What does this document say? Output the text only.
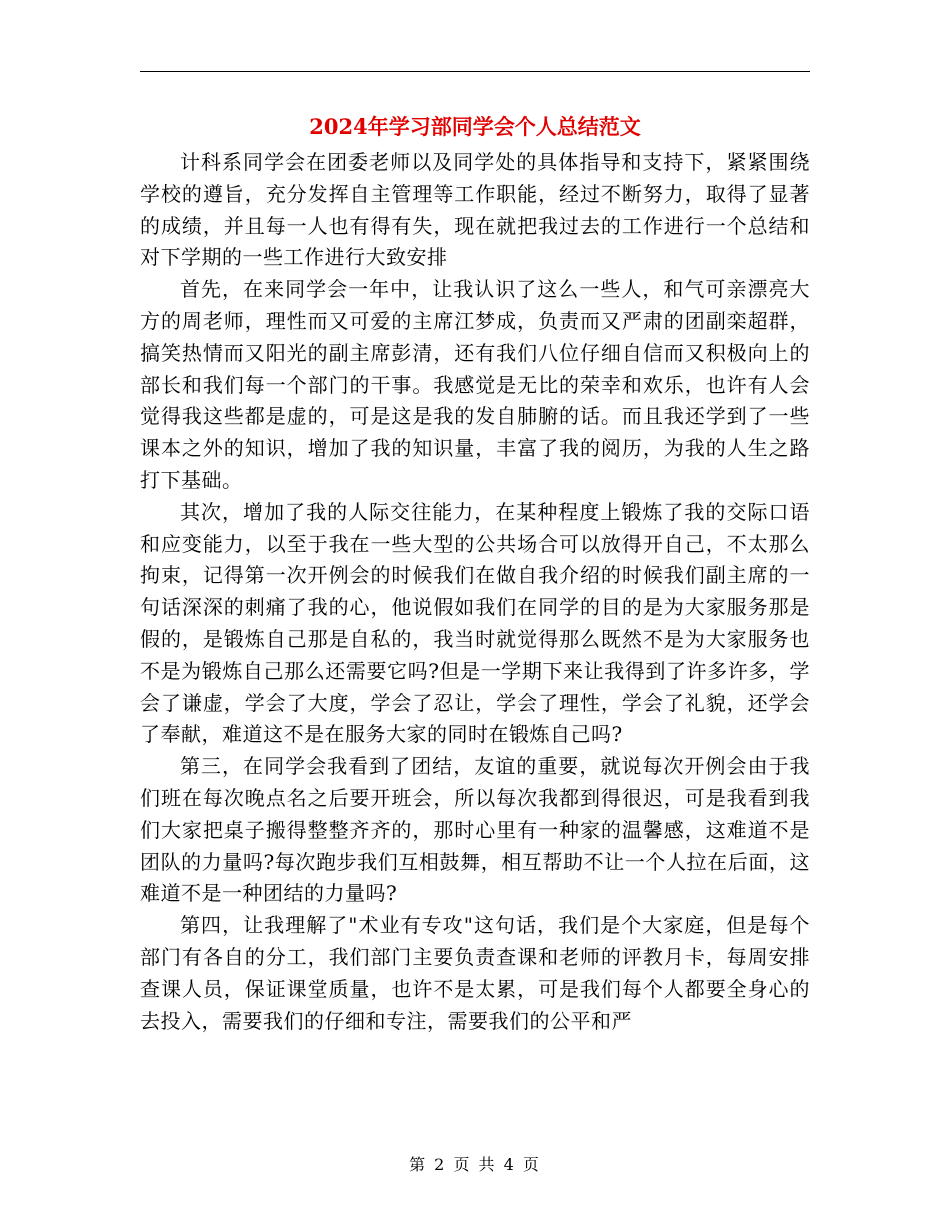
2024年学习部同学会个人总结范文

计科系同学会在团委老师以及同学处的具体指导和支持下，紧紧围绕学校的遵旨，充分发挥自主管理等工作职能，经过不断努力，取得了显著的成绩，并且每一人也有得有失，现在就把我过去的工作进行一个总结和对下学期的一些工作进行大致安排

首先，在来同学会一年中，让我认识了这么一些人，和气可亲漂亮大方的周老师，理性而又可爱的主席江梦成，负责而又严肃的团副栾超群，搞笑热情而又阳光的副主席彭清，还有我们八位仔细自信而又积极向上的部长和我们每一个部门的干事。我感觉是无比的荣幸和欢乐，也许有人会觉得我这些都是虚的，可是这是我的发自肺腑的话。而且我还学到了一些课本之外的知识，增加了我的知识量，丰富了我的阅历，为我的人生之路打下基础。

其次，增加了我的人际交往能力，在某种程度上锻炼了我的交际口语和应变能力，以至于我在一些大型的公共场合可以放得开自己，不太那么拘束，记得第一次开例会的时候我们在做自我介绍的时候我们副主席的一句话深深的刺痛了我的心，他说假如我们在同学的目的是为大家服务那是假的，是锻炼自己那是自私的，我当时就觉得那么既然不是为大家服务也不是为锻炼自己那么还需要它吗?但是一学期下来让我得到了许多许多，学会了谦虚，学会了大度，学会了忍让，学会了理性，学会了礼貌，还学会了奉献，难道这不是在服务大家的同时在锻炼自己吗?

第三，在同学会我看到了团结，友谊的重要，就说每次开例会由于我们班在每次晚点名之后要开班会，所以每次我都到得很迟，可是我看到我们大家把桌子搬得整整齐齐的，那时心里有一种家的温馨感，这难道不是团队的力量吗?每次跑步我们互相鼓舞，相互帮助不让一个人拉在后面，这难道不是一种团结的力量吗?

第四，让我理解了"术业有专攻"这句话，我们是个大家庭，但是每个部门有各自的分工，我们部门主要负责查课和老师的评教月卡，每周安排查课人员，保证课堂质量，也许不是太累，可是我们每个人都要全身心的去投入，需要我们的仔细和专注，需要我们的公平和严

第 2 页 共 4 页
